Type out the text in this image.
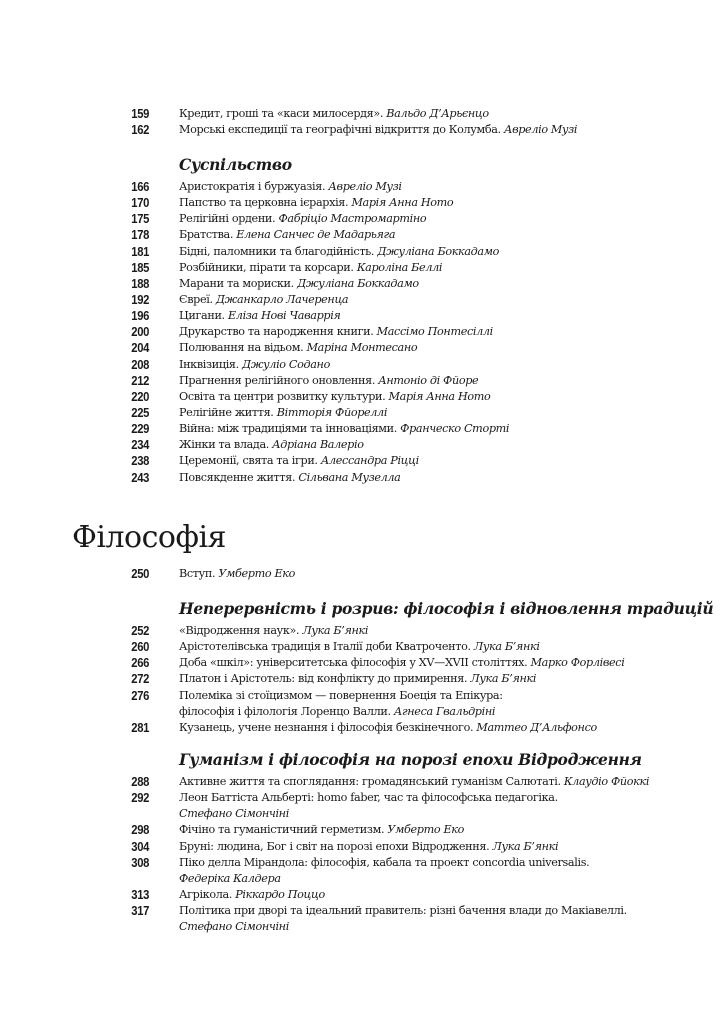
159	Кредит, гроші та «каси милосердя». Вальдо Д’Арьєнцо
162	Морські експедиції та географічні відкриття до Колумба. Авреліо Музі
Суспільство
166	Аристократія і буржуазія. Авреліо Музі
170	Папство та церковна ієрархія. Марія Анна Ното
175	Релігійні ордени. Фабріціо Мастромартіно
178	Братства. Елена Санчес де Мадарьяга
181	Бідні, паломники та благодійність. Джуліана Боккадамо
185	Розбійники, пірати та корсари. Кароліна Беллі
188	Марани та мориски. Джуліана Боккадамо
192	Євреї. Джанкарло Лачеренца
196	Цигани. Еліза Нові Чаваррія
200	Друкарство та народження книги. Массімо Понтесіллі
204	Полювання на відьом. Маріна Монтесано
208	Інквізиція. Джуліо Содано
212	Прагнення релігійного оновлення. Антоніо ді Фйоре
220	Освіта та центри розвитку культури. Марія Анна Ното
225	Релігійне життя. Вітторія Фйореллі
229	Війна: між традиціями та інноваціями. Франческо Сторті
234	Жінки та влада. Адріана Валеріо
238	Церемонії, свята та ігри. Алессандра Ріцці
243	Повсякденне життя. Сільвана Музелла
Філософія
250	Вступ. Умберто Еко
Неперервність і розрив: філософія і відновлення традицій
252	«Відродження наук». Лука Б’янкі
260	Арістотелівська традиція в Італії доби Кватроченто. Лука Б’янкі
266	Доба «шкіл»: університетська філософія у XV—XVII століттях. Марко Форлівесі
272	Платон і Арістотель: від конфлікту до примирення. Лука Б’янкі
276	Полеміка зі стоїцизмом — повернення Боеція та Епікура:
філософія і філологія Лоренцо Валли. Агнеса Гвальдріні
281	Кузанець, учене незнання і філософія безкінечного. Маттео Д’Альфонсо
Гуманізм і філософія на порозі епохи Відродження
288	Активне життя та споглядання: громадянський гуманізм Салютаті. Клаудіо Фйоккі
292	Леон Баттіста Альберті: homo faber, час та філософська педагогіка.
Стефано Сімончіні
298	Фічіно та гуманістичний герметизм. Умберто Еко
304	Бруні: людина, Бог і світ на порозі епохи Відродження. Лука Б’янкі
308	Піко делла Мірандола: філософія, кабала та проект concordia universalis.
Федеріка Калдера
313	Агрікола. Ріккардо Поццо
317	Політика при дворі та ідеальний правитель: різні бачення влади до Макіавеллі.
Стефано Сімончіні
